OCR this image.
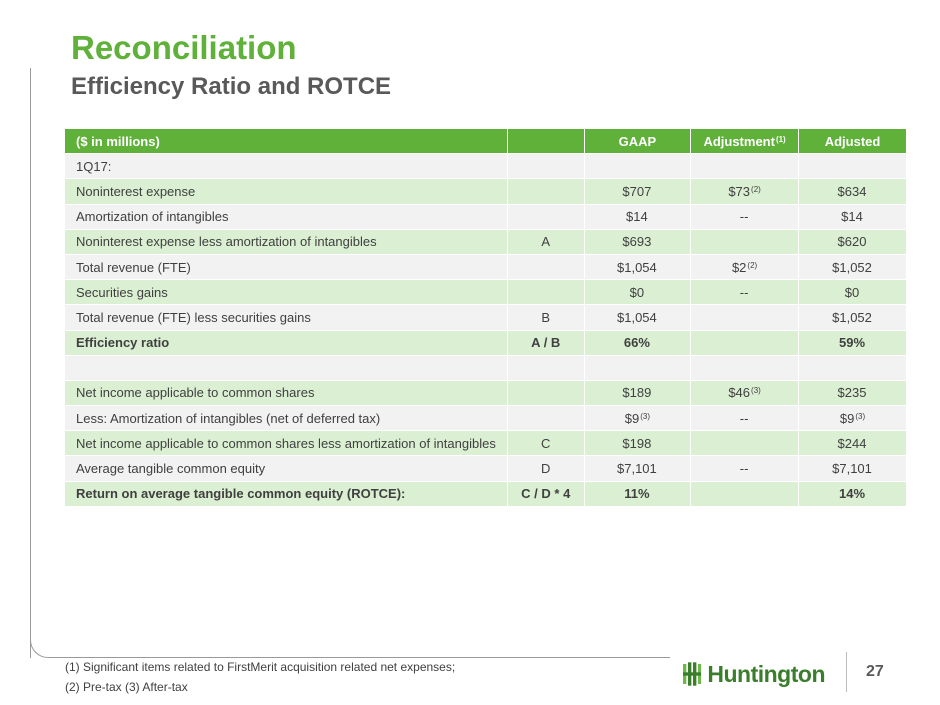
Reconciliation
Efficiency Ratio and ROTCE
($ in millions)		GAAP	Adjustment$^{(1)}$	Adjusted
1Q17:				
Noninterest expense		$707	$73$^{(2)}$	$634
Amortization of intangibles		$14	--	$14
Noninterest expense less amortization of intangibles	A	$693		$620
Total revenue (FTE)		$1,054	$2$^{(2)}$	$1,052
Securities gains		$0	--	$0
Total revenue (FTE) less securities gains	B	$1,054		$1,052
Efficiency ratio	A / B	66%		59%

Net income applicable to common shares		$189	$46$^{(3)}$	$235
Less: Amortization of intangibles (net of deferred tax)		$9$^{(3)}$	--	$9$^{(3)}$
Net income applicable to common shares less amortization of intangibles	C	$198		$244
Average tangible common equity	D	$7,101	--	$7,101
Return on average tangible common equity (ROTCE):	C / D * 4	11%		14%
(1) Significant items related to FirstMerit acquisition related net expenses;
(2) Pre-tax (3) After-tax
Huntington	27
